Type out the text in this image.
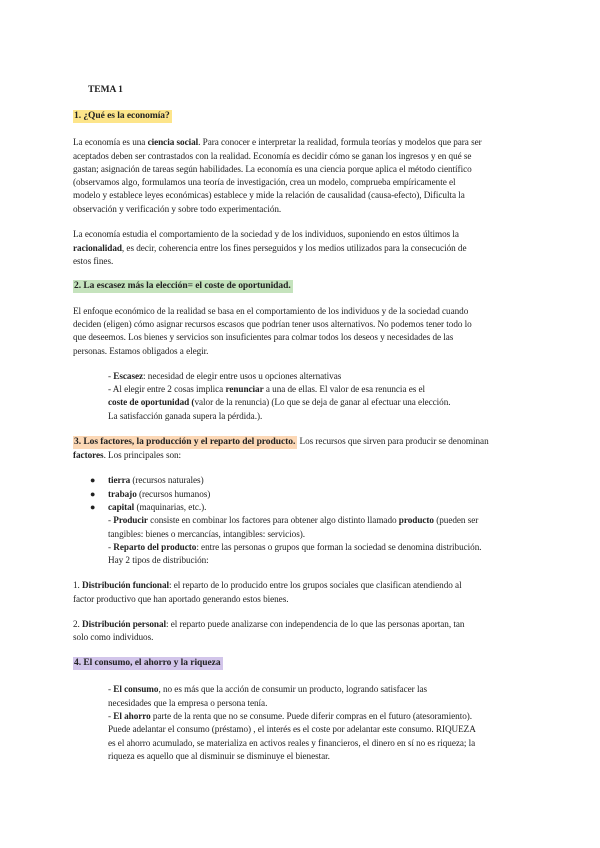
TEMA 1
1. ¿Qué es la economía?
La economía es una ciencia social. Para conocer e interpretar la realidad, formula teorías y modelos que para ser
aceptados deben ser contrastados con la realidad. Economía es decidir cómo se ganan los ingresos y en qué se
gastan; asignación de tareas según habilidades. La economía es una ciencia porque aplica el método científico
(observamos algo, formulamos una teoría de investigación, crea un modelo, comprueba empíricamente el
modelo y establece leyes económicas) establece y mide la relación de causalidad (causa-efecto), Dificulta la
observación y verificación y sobre todo experimentación.
La economía estudia el comportamiento de la sociedad y de los individuos, suponiendo en estos últimos la
racionalidad, es decir, coherencia entre los fines perseguidos y los medios utilizados para la consecución de
estos fines.
2. La escasez más la elección= el coste de oportunidad.
El enfoque económico de la realidad se basa en el comportamiento de los individuos y de la sociedad cuando
deciden (eligen) cómo asignar recursos escasos que podrían tener usos alternativos. No podemos tener todo lo
que deseemos. Los bienes y servicios son insuficientes para colmar todos los deseos y necesidades de las
personas. Estamos obligados a elegir.
- Escasez: necesidad de elegir entre usos u opciones alternativas
- Al elegir entre 2 cosas implica renunciar a una de ellas. El valor de esa renuncia es el
coste de oportunidad (valor de la renuncia) (Lo que se deja de ganar al efectuar una elección.
La satisfacción ganada supera la pérdida.).
3. Los factores, la producción y el reparto del producto. Los recursos que sirven para producir se denominan
factores. Los principales son:
● tierra (recursos naturales)
● trabajo (recursos humanos)
● capital (maquinarias, etc.).
- Producir consiste en combinar los factores para obtener algo distinto llamado producto (pueden ser
tangibles: bienes o mercancías, intangibles: servicios).
- Reparto del producto: entre las personas o grupos que forman la sociedad se denomina distribución.
Hay 2 tipos de distribución:
1. Distribución funcional: el reparto de lo producido entre los grupos sociales que clasifican atendiendo al
factor productivo que han aportado generando estos bienes.
2. Distribución personal: el reparto puede analizarse con independencia de lo que las personas aportan, tan
solo como individuos.
4. El consumo, el ahorro y la riqueza
- El consumo, no es más que la acción de consumir un producto, logrando satisfacer las
necesidades que la empresa o persona tenía.
- El ahorro parte de la renta que no se consume. Puede diferir compras en el futuro (atesoramiento).
Puede adelantar el consumo (préstamo) , el interés es el coste por adelantar este consumo. RIQUEZA
es el ahorro acumulado, se materializa en activos reales y financieros, el dinero en sí no es riqueza; la
riqueza es aquello que al disminuir se disminuye el bienestar.
